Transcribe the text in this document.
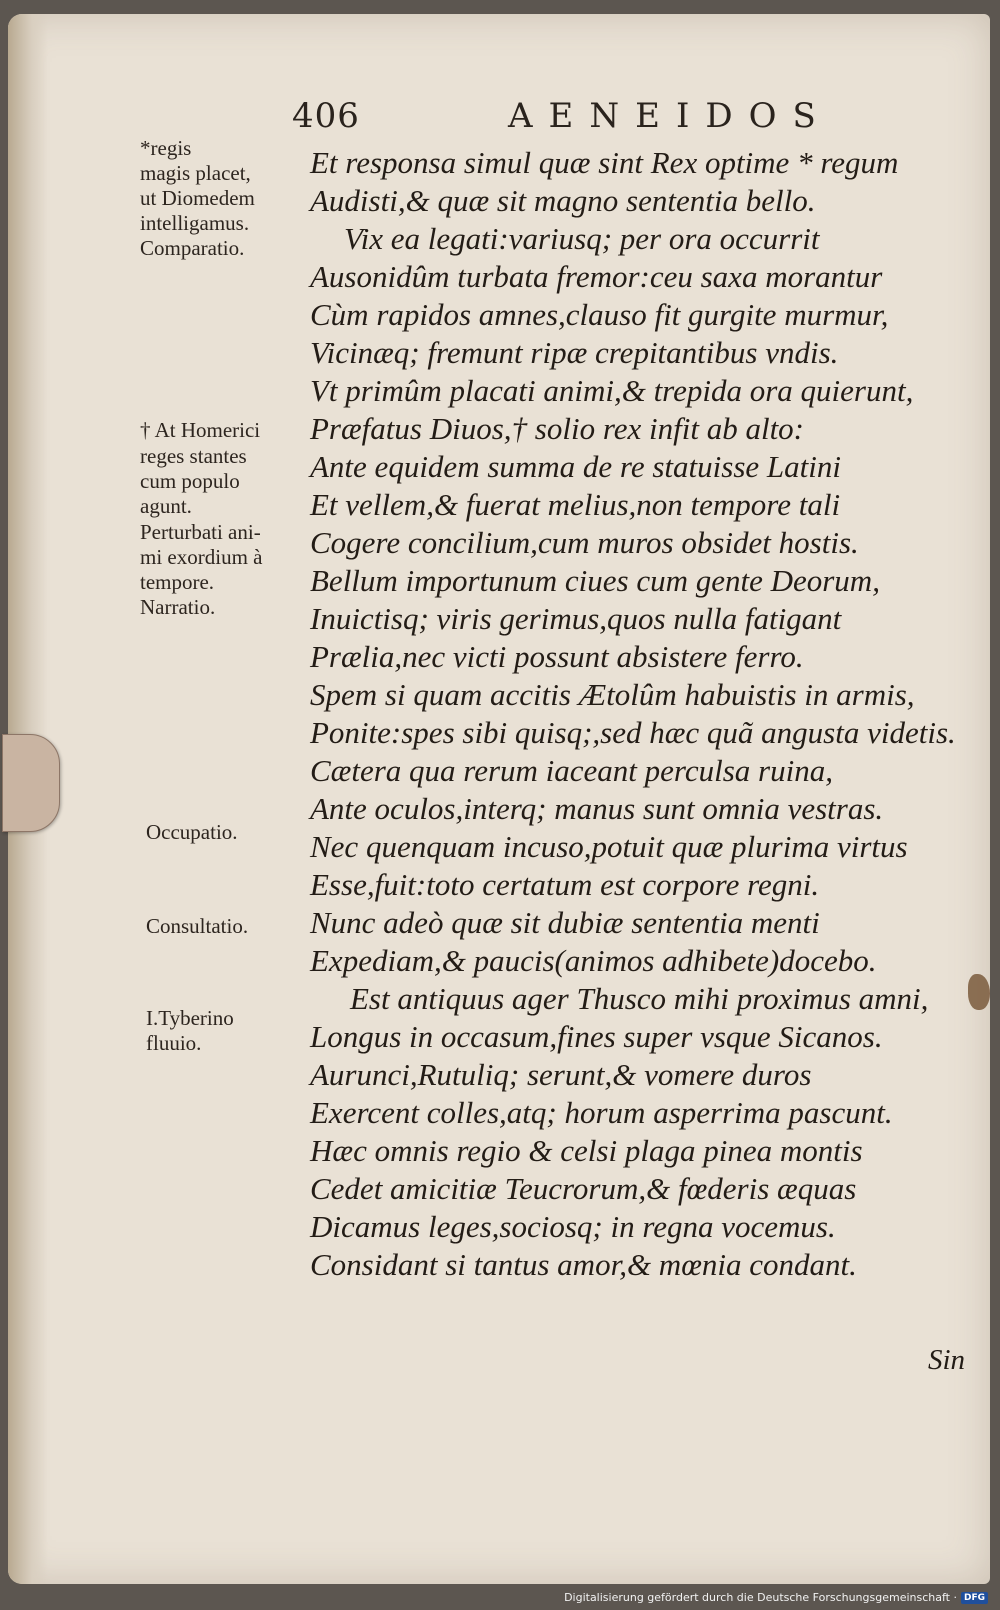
406	AENEIDOS

Et responsa simul quæ sint Rex optime * regum

Audisti,& quæ sit magno sententia bello.

Vix ea legati:variusq; per ora occurrit

Ausonidûm turbata fremor:ceu saxa morantur

Cùm rapidos amnes,clauso fit gurgite murmur,

Vicinæq; fremunt ripæ crepitantibus vndis.

Vt primûm placati animi,& trepida ora quierunt,

Præfatus Diuos,† solio rex infit ab alto:

Ante equidem summa de re statuisse Latini

Et vellem,& fuerat melius,non tempore tali

Cogere concilium,cum muros obsidet hostis.

Bellum importunum ciues cum gente Deorum,

Inuictisq; viris gerimus,quos nulla fatigant

Prælia,nec victi possunt absistere ferro.

Spem si quam accitis Ætolûm habuistis in armis,

Ponite:spes sibi quisq;,sed hæc quã angusta videtis.

Cætera qua rerum iaceant perculsa ruina,

Ante oculos,interq; manus sunt omnia vestras.

Nec quenquam incuso,potuit quæ plurima virtus

Esse,fuit:toto certatum est corpore regni.

Nunc adeò quæ sit dubiæ sententia menti

Expediam,& paucis(animos adhibete)docebo.

Est antiquus ager Thusco mihi proximus amni,

Longus in occasum,fines super vsque Sicanos.

Aurunci,Rutuliq; serunt,& vomere duros

Exercent colles,atq; horum asperrima pascunt.

Hæc omnis regio & celsi plaga pinea montis

Cedet amicitiæ Teucrorum,& fœderis æquas

Dicamus leges,sociosq; in regna vocemus.

Considant si tantus amor,& mœnia condant.

*regis

magis placet,

ut Diomedem

intelligamus.

Comparatio.

† At Homerici

reges stantes

cum populo

agunt.

Perturbati ani-

mi exordium à

tempore.

Narratio.

Occupatio.

Consultatio.

I.Tyberino

fluuio.

Sin
Digitalisierung gefördert durch die Deutsche Forschungsgemeinschaft · DFG
